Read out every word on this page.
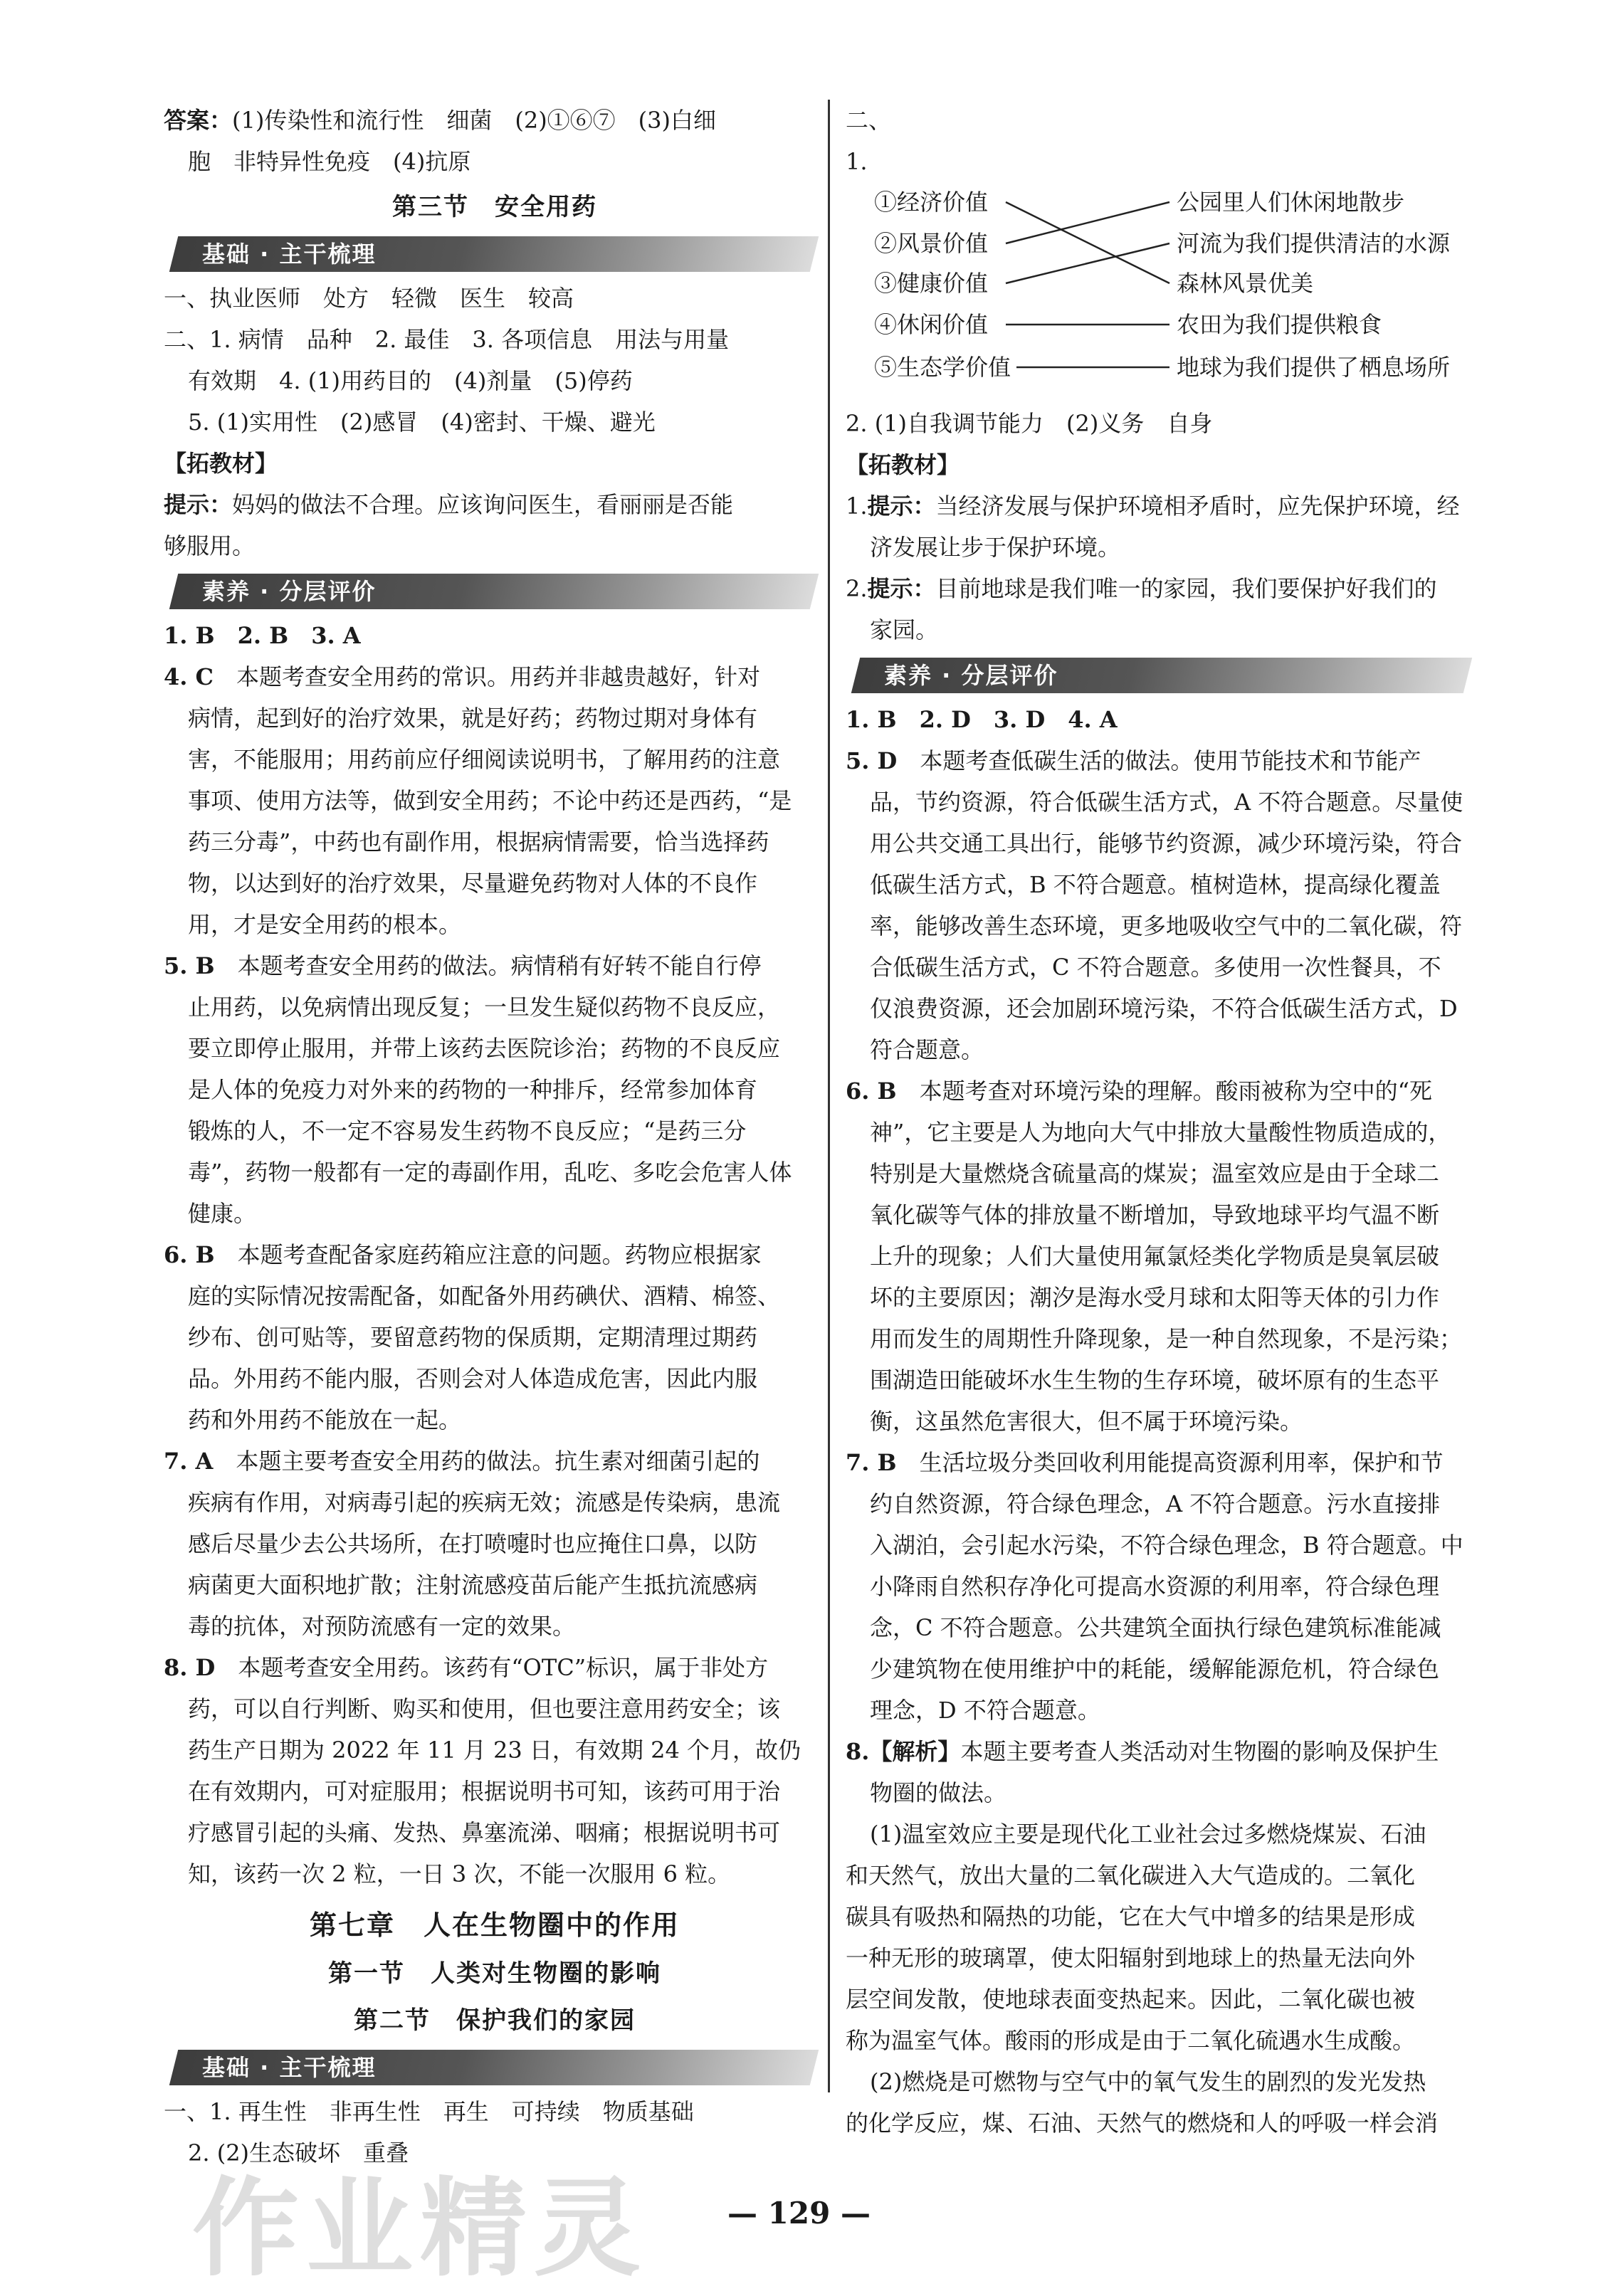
答案：(1)传染性和流行性　细菌　(2)①⑥⑦　(3)白细
胞　非特异性免疫　(4)抗原

第三节　安全用药
基础 · 主干梳理

一、执业医师　处方　轻微　医生　较高

二、1. 病情　品种　2. 最佳　3. 各项信息　用法与用量

有效期　4. (1)用药目的　(4)剂量　(5)停药

5. (1)实用性　(2)感冒　(4)密封、干燥、避光

【拓教材】

提示：妈妈的做法不合理。应该询问医生，看丽丽是否能
够服用。

素养 · 分层评价

1. B　2. B　3. A

4. C　本题考查安全用药的常识。用药并非越贵越好，针对

病情，起到好的治疗效果，就是好药；药物过期对身体有

害，不能服用；用药前应仔细阅读说明书，了解用药的注意

事项、使用方法等，做到安全用药；不论中药还是西药，“是

药三分毒”，中药也有副作用，根据病情需要，恰当选择药

物，以达到好的治疗效果，尽量避免药物对人体的不良作

用，才是安全用药的根本。

5. B　本题考查安全用药的做法。病情稍有好转不能自行停

止用药，以免病情出现反复；一旦发生疑似药物不良反应，

要立即停止服用，并带上该药去医院诊治；药物的不良反应

是人体的免疫力对外来的药物的一种排斥，经常参加体育

锻炼的人，不一定不容易发生药物不良反应；“是药三分

毒”，药物一般都有一定的毒副作用，乱吃、多吃会危害人体

健康。

6. B　本题考查配备家庭药箱应注意的问题。药物应根据家

庭的实际情况按需配备，如配备外用药碘伏、酒精、棉签、

纱布、创可贴等，要留意药物的保质期，定期清理过期药

品。外用药不能内服，否则会对人体造成危害，因此内服

药和外用药不能放在一起。

7. A　本题主要考查安全用药的做法。抗生素对细菌引起的

疾病有作用，对病毒引起的疾病无效；流感是传染病，患流

感后尽量少去公共场所，在打喷嚏时也应掩住口鼻，以防

病菌更大面积地扩散；注射流感疫苗后能产生抵抗流感病

毒的抗体，对预防流感有一定的效果。

8. D　本题考查安全用药。该药有“OTC”标识，属于非处方

药，可以自行判断、购买和使用，但也要注意用药安全；该

药生产日期为 2022 年 11 月 23 日，有效期 24 个月，故仍

在有效期内，可对症服用；根据说明书可知，该药可用于治

疗感冒引起的头痛、发热、鼻塞流涕、咽痛；根据说明书可

知，该药一次 2 粒，一日 3 次，不能一次服用 6 粒。

第七章　人在生物圈中的作用
第一节　人类对生物圈的影响
第二节　保护我们的家园
基础 · 主干梳理

一、1. 再生性　非再生性　再生　可持续　物质基础

2. (2)生态破坏　重叠

二、

1.

①经济价值
②风景价值
③健康价值
④休闲价值
⑤生态学价值
公园里人们休闲地散步
河流为我们提供清洁的水源
森林风景优美
农田为我们提供粮食
地球为我们提供了栖息场所

2. (1)自我调节能力　(2)义务　自身

【拓教材】

1.提示：当经济发展与保护环境相矛盾时，应先保护环境，经
济发展让步于保护环境。

2.提示：目前地球是我们唯一的家园，我们要保护好我们的
家园。

素养 · 分层评价

1. B　2. D　3. D　4. A

5. D　本题考查低碳生活的做法。使用节能技术和节能产

品，节约资源，符合低碳生活方式，A 不符合题意。尽量使

用公共交通工具出行，能够节约资源，减少环境污染，符合

低碳生活方式，B 不符合题意。植树造林，提高绿化覆盖

率，能够改善生态环境，更多地吸收空气中的二氧化碳，符

合低碳生活方式，C 不符合题意。多使用一次性餐具，不

仅浪费资源，还会加剧环境污染，不符合低碳生活方式，D

符合题意。

6. B　本题考查对环境污染的理解。酸雨被称为空中的“死

神”，它主要是人为地向大气中排放大量酸性物质造成的，

特别是大量燃烧含硫量高的煤炭；温室效应是由于全球二

氧化碳等气体的排放量不断增加，导致地球平均气温不断

上升的现象；人们大量使用氟氯烃类化学物质是臭氧层破

坏的主要原因；潮汐是海水受月球和太阳等天体的引力作

用而发生的周期性升降现象，是一种自然现象，不是污染；

围湖造田能破坏水生生物的生存环境，破坏原有的生态平

衡，这虽然危害很大，但不属于环境污染。

7. B　生活垃圾分类回收利用能提高资源利用率，保护和节

约自然资源，符合绿色理念，A 不符合题意。污水直接排

入湖泊，会引起水污染，不符合绿色理念，B 符合题意。中

小降雨自然积存净化可提高水资源的利用率，符合绿色理

念，C 不符合题意。公共建筑全面执行绿色建筑标准能减

少建筑物在使用维护中的耗能，缓解能源危机，符合绿色

理念，D 不符合题意。

8.【解析】本题主要考查人类活动对生物圈的影响及保护生

物圈的做法。

(1)温室效应主要是现代化工业社会过多燃烧煤炭、石油

和天然气，放出大量的二氧化碳进入大气造成的。二氧化

碳具有吸热和隔热的功能，它在大气中增多的结果是形成

一种无形的玻璃罩，使太阳辐射到地球上的热量无法向外

层空间发散，使地球表面变热起来。因此，二氧化碳也被

称为温室气体。酸雨的形成是由于二氧化硫遇水生成酸。

(2)燃烧是可燃物与空气中的氧气发生的剧烈的发光发热

的化学反应，煤、石油、天然气的燃烧和人的呼吸一样会消

— 129 —
作业精灵
